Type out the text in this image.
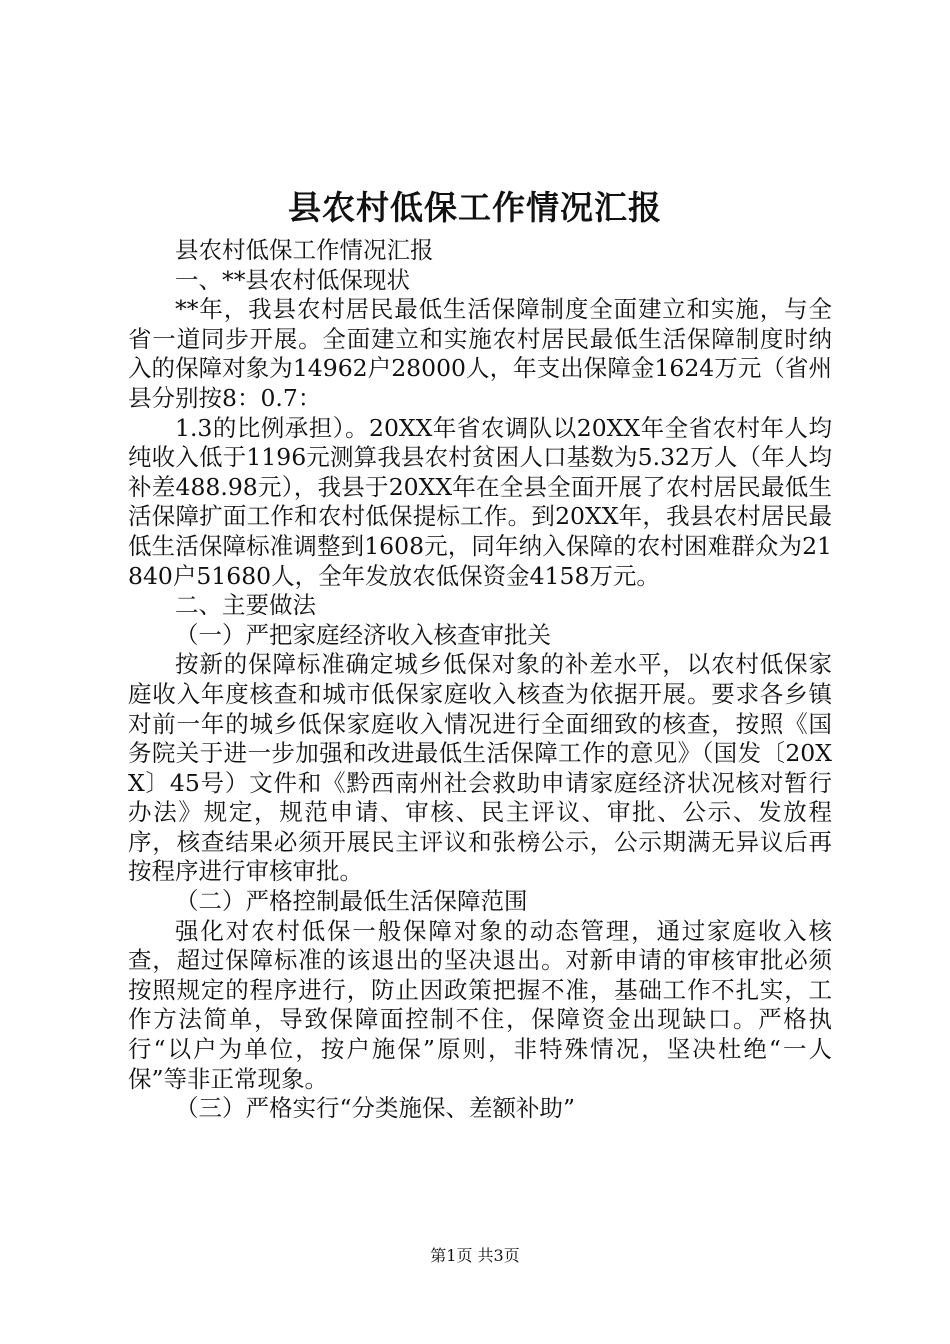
县农村低保工作情况汇报

县农村低保工作情况汇报

一、**县农村低保现状

**年，我县农村居民最低生活保障制度全面建立和实施，与全省一道同步开展。全面建立和实施农村居民最低生活保障制度时纳入的保障对象为14962户28000人，年支出保障金1624万元（省州县分别按8：0.7：

1.3的比例承担）。20XX年省农调队以20XX年全省农村年人均纯收入低于1196元测算我县农村贫困人口基数为5.32万人（年人均补差488.98元），我县于20XX年在全县全面开展了农村居民最低生活保障扩面工作和农村低保提标工作。到20XX年，我县农村居民最低生活保障标准调整到1608元，同年纳入保障的农村困难群众为21840户51680人，全年发放农低保资金4158万元。

二、主要做法

（一）严把家庭经济收入核查审批关

按新的保障标准确定城乡低保对象的补差水平，以农村低保家庭收入年度核查和城市低保家庭收入核查为依据开展。要求各乡镇对前一年的城乡低保家庭收入情况进行全面细致的核查，按照《国务院关于进一步加强和改进最低生活保障工作的意见》（国发〔20XX〕45号）文件和《黔西南州社会救助申请家庭经济状况核对暂行办法》规定，规范申请、审核、民主评议、审批、公示、发放程序，核查结果必须开展民主评议和张榜公示，公示期满无异议后再按程序进行审核审批。

（二）严格控制最低生活保障范围

强化对农村低保一般保障对象的动态管理，通过家庭收入核查，超过保障标准的该退出的坚决退出。对新申请的审核审批必须按照规定的程序进行，防止因政策把握不准，基础工作不扎实，工作方法简单，导致保障面控制不住，保障资金出现缺口。严格执行“以户为单位，按户施保”原则，非特殊情况，坚决杜绝“一人保”等非正常现象。

（三）严格实行“分类施保、差额补助”

第1页 共3页
